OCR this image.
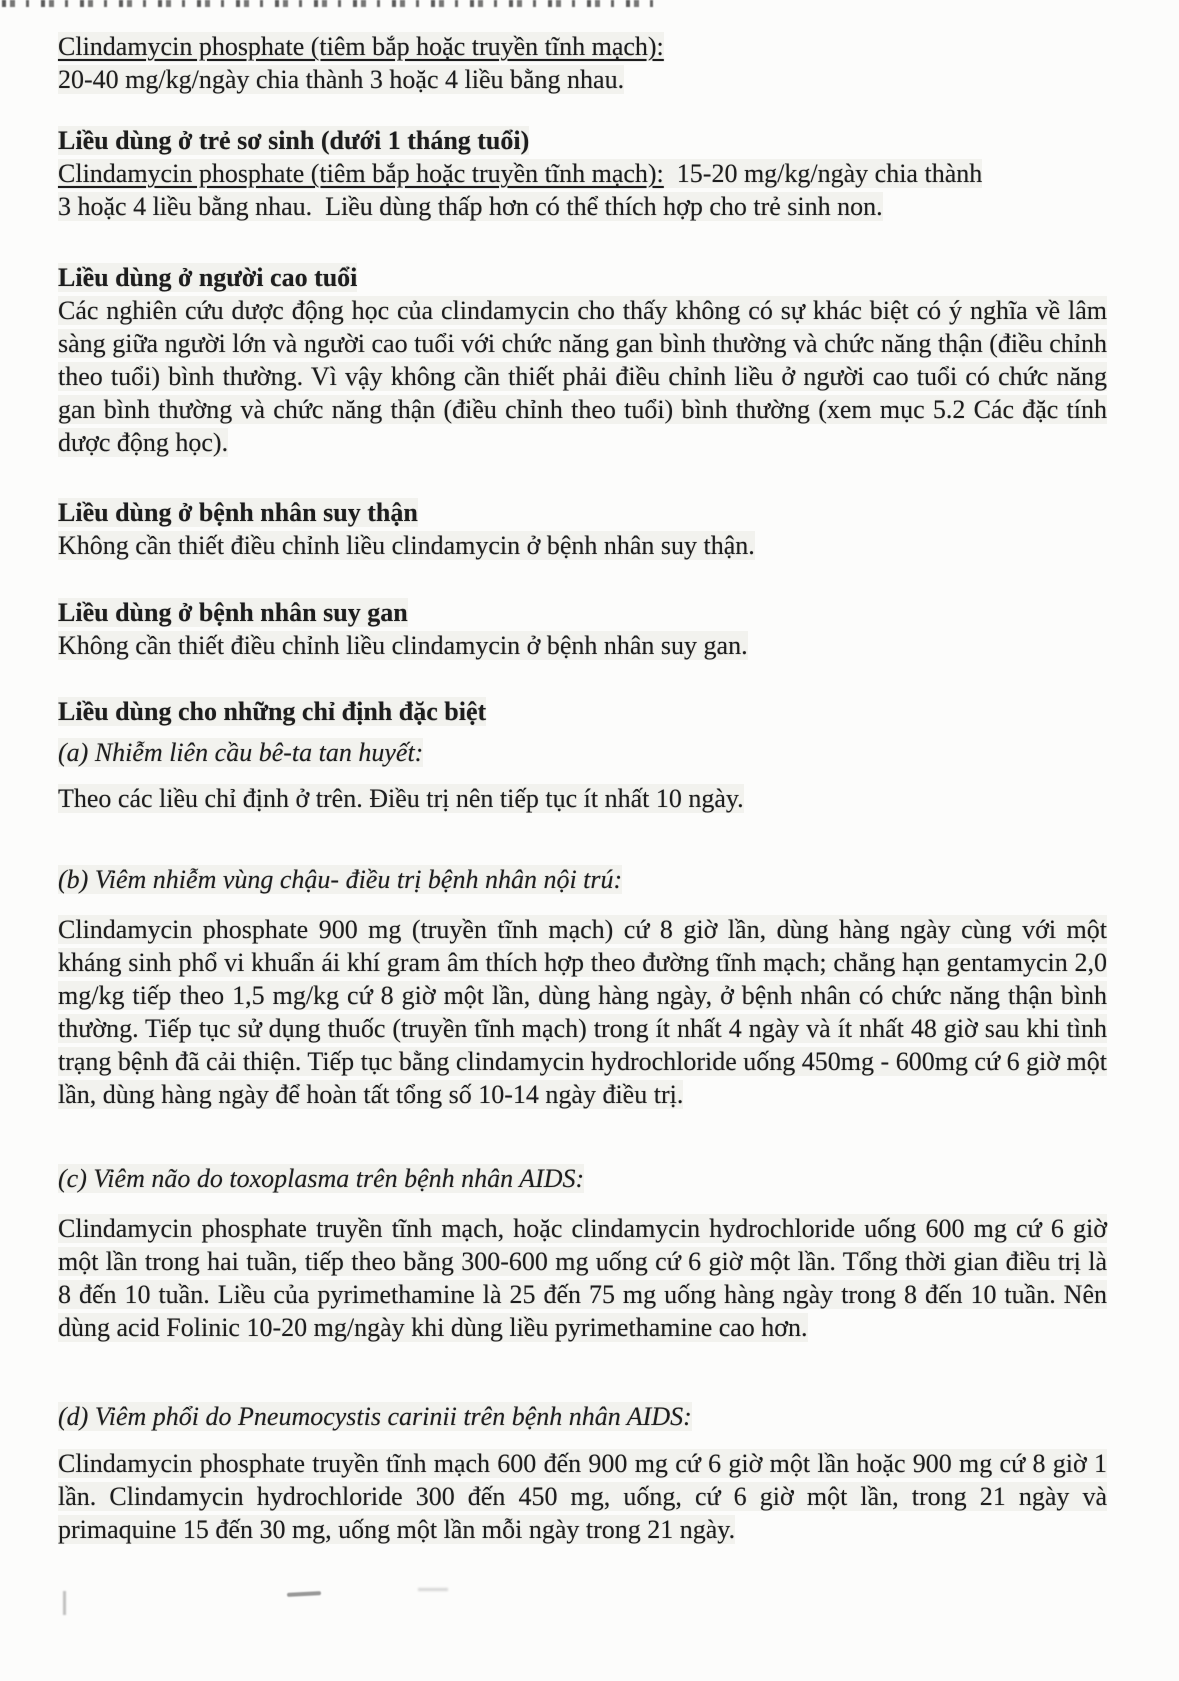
Clindamycin phosphate (tiêm bắp hoặc truyền tĩnh mạch):

20-40 mg/kg/ngày chia thành 3 hoặc 4 liều bằng nhau.

Liều dùng ở trẻ sơ sinh (dưới 1 tháng tuổi)

Clindamycin phosphate (tiêm bắp hoặc truyền tĩnh mạch):  15-20 mg/kg/ngày chia thành

3 hoặc 4 liều bằng nhau.  Liều dùng thấp hơn có thể thích hợp cho trẻ sinh non.

Liều dùng ở người cao tuổi

Các nghiên cứu dược động học của clindamycin cho thấy không có sự khác biệt có ý nghĩa về lâm sàng giữa người lớn và người cao tuổi với chức năng gan bình thường và chức năng thận (điều chỉnh theo tuổi) bình thường. Vì vậy không cần thiết phải điều chỉnh liều ở người cao tuổi có chức năng gan bình thường và chức năng thận (điều chỉnh theo tuổi) bình thường (xem mục 5.2 Các đặc tính dược động học).

Liều dùng ở bệnh nhân suy thận

Không cần thiết điều chỉnh liều clindamycin ở bệnh nhân suy thận.

Liều dùng ở bệnh nhân suy gan

Không cần thiết điều chỉnh liều clindamycin ở bệnh nhân suy gan.

Liều dùng cho những chỉ định đặc biệt

(a) Nhiễm liên cầu bê-ta tan huyết:

Theo các liều chỉ định ở trên. Điều trị nên tiếp tục ít nhất 10 ngày.

(b) Viêm nhiễm vùng chậu- điều trị bệnh nhân nội trú:

Clindamycin phosphate 900 mg (truyền tĩnh mạch) cứ 8 giờ lần, dùng hàng ngày cùng với một kháng sinh phổ vi khuẩn ái khí gram âm thích hợp theo đường tĩnh mạch; chẳng hạn gentamycin 2,0 mg/kg tiếp theo 1,5 mg/kg cứ 8 giờ một lần, dùng hàng ngày, ở bệnh nhân có chức năng thận bình thường. Tiếp tục sử dụng thuốc (truyền tĩnh mạch) trong ít nhất 4 ngày và ít nhất 48 giờ sau khi tình trạng bệnh đã cải thiện. Tiếp tục bằng clindamycin hydrochloride uống 450mg - 600mg cứ 6 giờ một lần, dùng hàng ngày để hoàn tất tổng số 10-14 ngày điều trị.

(c) Viêm não do toxoplasma trên bệnh nhân AIDS:

Clindamycin phosphate truyền tĩnh mạch, hoặc clindamycin hydrochloride uống 600 mg cứ 6 giờ một lần trong hai tuần, tiếp theo bằng 300-600 mg uống cứ 6 giờ một lần. Tổng thời gian điều trị là 8 đến 10 tuần. Liều của pyrimethamine là 25 đến 75 mg uống hàng ngày trong 8 đến 10 tuần. Nên dùng acid Folinic 10-20 mg/ngày khi dùng liều pyrimethamine cao hơn.

(d) Viêm phổi do Pneumocystis carinii trên bệnh nhân AIDS:

Clindamycin phosphate truyền tĩnh mạch 600 đến 900 mg cứ 6 giờ một lần hoặc 900 mg cứ 8 giờ 1 lần. Clindamycin hydrochloride 300 đến 450 mg, uống, cứ 6 giờ một lần, trong 21 ngày và primaquine 15 đến 30 mg, uống một lần mỗi ngày trong 21 ngày.
